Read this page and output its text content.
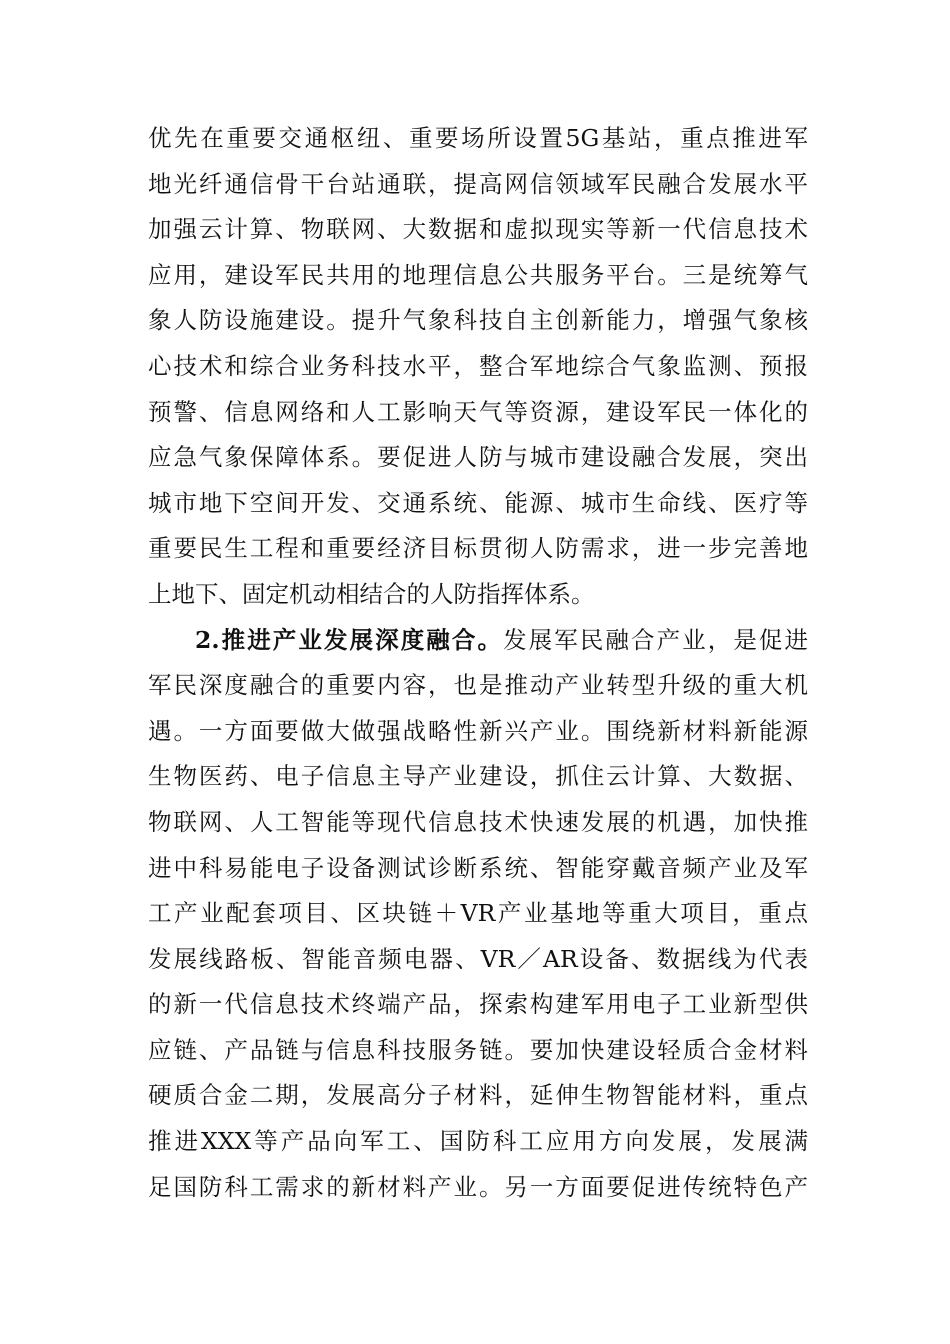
优先在重要交通枢纽、重要场所设置5G基站，重点推进军
地光纤通信骨干台站通联，提高网信领域军民融合发展水平
加强云计算、物联网、大数据和虚拟现实等新一代信息技术
应用，建设军民共用的地理信息公共服务平台。三是统筹气
象人防设施建设。提升气象科技自主创新能力，增强气象核
心技术和综合业务科技水平，整合军地综合气象监测、预报
预警、信息网络和人工影响天气等资源，建设军民一体化的
应急气象保障体系。要促进人防与城市建设融合发展，突出
城市地下空间开发、交通系统、能源、城市生命线、医疗等
重要民生工程和重要经济目标贯彻人防需求，进一步完善地
上地下、固定机动相结合的人防指挥体系。
2.推进产业发展深度融合。发展军民融合产业，是促进
军民深度融合的重要内容，也是推动产业转型升级的重大机
遇。一方面要做大做强战略性新兴产业。围绕新材料新能源
生物医药、电子信息主导产业建设，抓住云计算、大数据、
物联网、人工智能等现代信息技术快速发展的机遇，加快推
进中科易能电子设备测试诊断系统、智能穿戴音频产业及军
工产业配套项目、区块链＋VR产业基地等重大项目，重点
发展线路板、智能音频电器、VR／AR设备、数据线为代表
的新一代信息技术终端产品，探索构建军用电子工业新型供
应链、产品链与信息科技服务链。要加快建设轻质合金材料
硬质合金二期，发展高分子材料，延伸生物智能材料，重点
推进XXX等产品向军工、国防科工应用方向发展，发展满
足国防科工需求的新材料产业。另一方面要促进传统特色产
